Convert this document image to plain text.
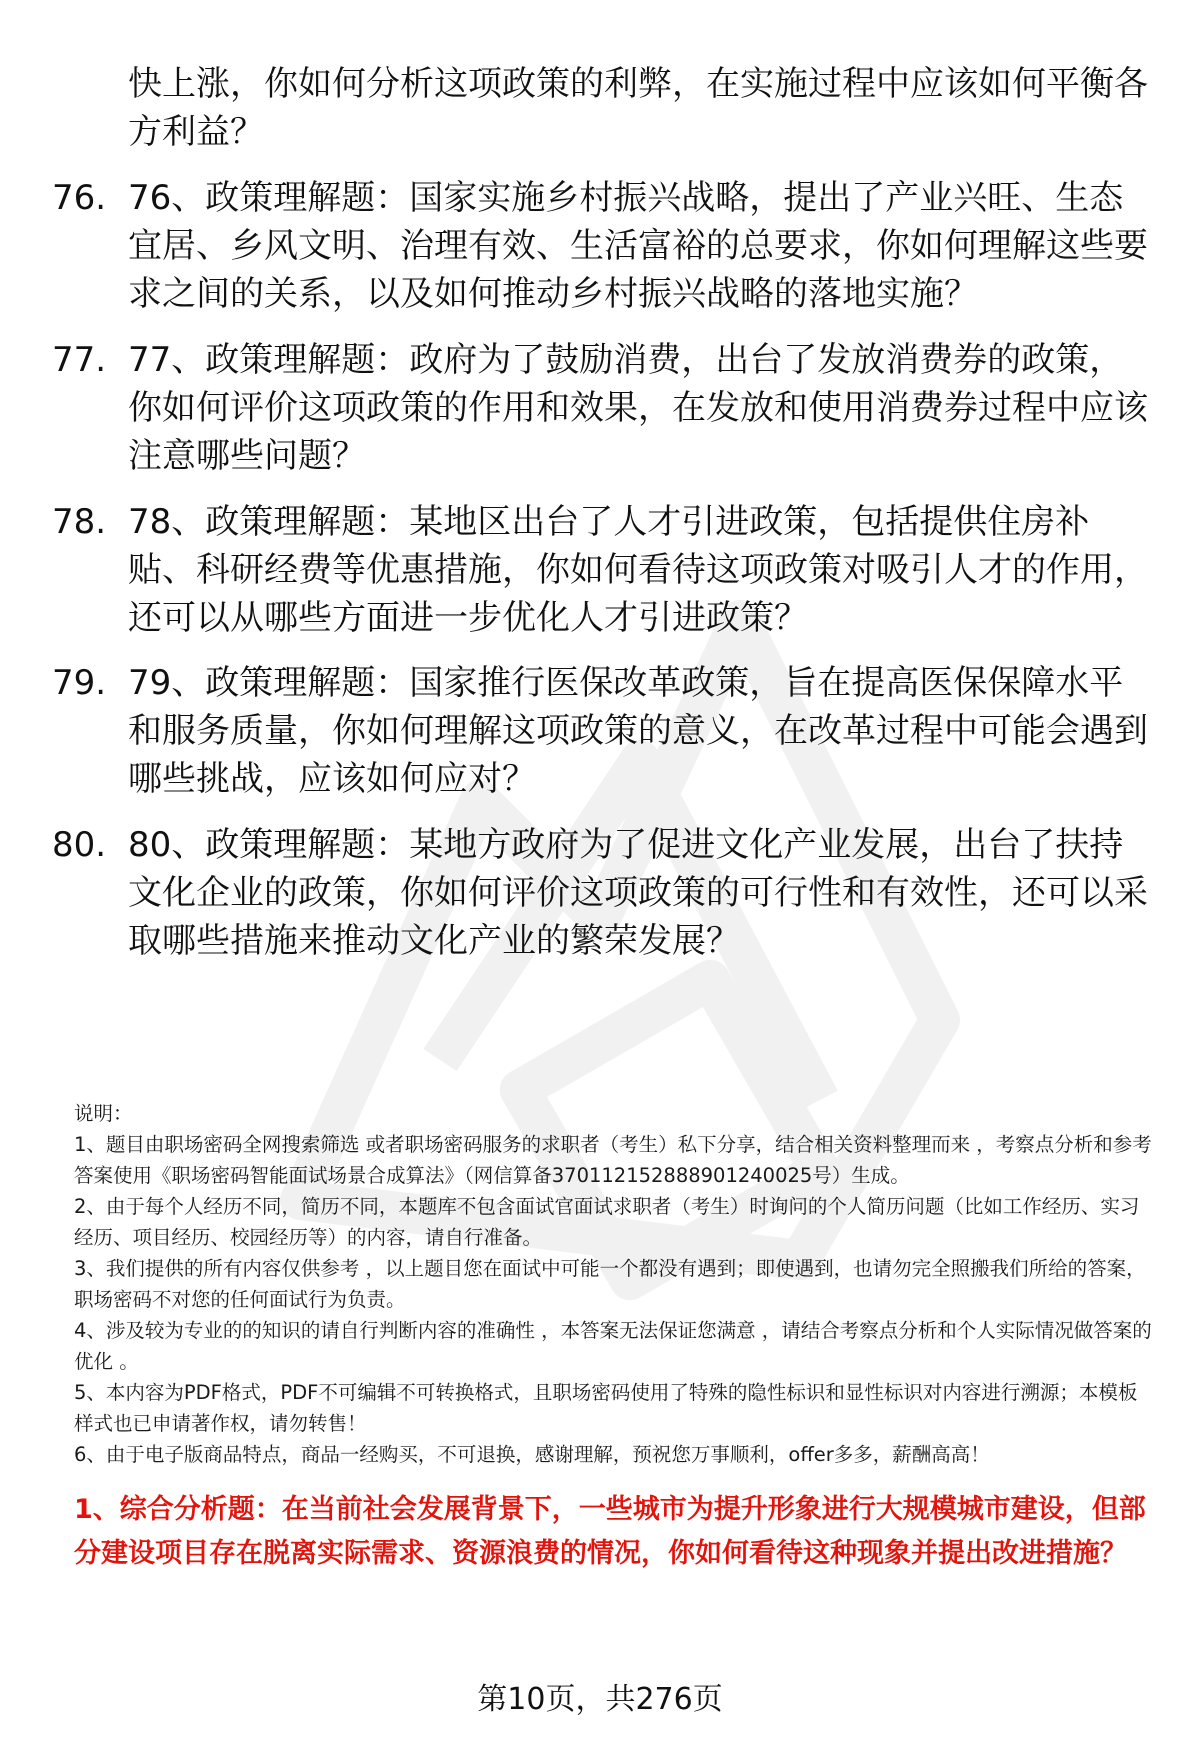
快上涨，你如何分析这项政策的利弊，在实施过程中应该如何平衡各方利益？
76. 76、政策理解题：国家实施乡村振兴战略，提出了产业兴旺、生态宜居、乡风文明、治理有效、生活富裕的总要求，你如何理解这些要求之间的关系，以及如何推动乡村振兴战略的落地实施？
77. 77、政策理解题：政府为了鼓励消费，出台了发放消费券的政策，你如何评价这项政策的作用和效果，在发放和使用消费券过程中应该注意哪些问题？
78. 78、政策理解题：某地区出台了人才引进政策，包括提供住房补贴、科研经费等优惠措施，你如何看待这项政策对吸引人才的作用，还可以从哪些方面进一步优化人才引进政策？
79. 79、政策理解题：国家推行医保改革政策，旨在提高医保保障水平和服务质量，你如何理解这项政策的意义，在改革过程中可能会遇到哪些挑战，应该如何应对？
80. 80、政策理解题：某地方政府为了促进文化产业发展，出台了扶持文化企业的政策，你如何评价这项政策的可行性和有效性，还可以采取哪些措施来推动文化产业的繁荣发展？
说明：
1、题目由职场密码全网搜索筛选 或者职场密码服务的求职者（考生）私下分享，结合相关资料整理而来 ，考察点分析和参考答案使用《职场密码智能面试场景合成算法》（网信算备370112152888901240025号）生成。
2、由于每个人经历不同，简历不同，本题库不包含面试官面试求职者（考生）时询问的个人简历问题（比如工作经历、实习经历、项目经历、校园经历等）的内容，请自行准备。
3、我们提供的所有内容仅供参考 ，以上题目您在面试中可能一个都没有遇到；即使遇到，也请勿完全照搬我们所给的答案，职场密码不对您的任何面试行为负责。
4、涉及较为专业的的知识的请自行判断内容的准确性 ，本答案无法保证您满意 ，请结合考察点分析和个人实际情况做答案的优化 。
5、本内容为PDF格式，PDF不可编辑不可转换格式，且职场密码使用了特殊的隐性标识和显性标识对内容进行溯源；本模板样式也已申请著作权，请勿转售！
6、由于电子版商品特点，商品一经购买，不可退换，感谢理解，预祝您万事顺利，offer多多，薪酬高高！
1、综合分析题：在当前社会发展背景下，一些城市为提升形象进行大规模城市建设，但部分建设项目存在脱离实际需求、资源浪费的情况，你如何看待这种现象并提出改进措施？
第10页，共276页
